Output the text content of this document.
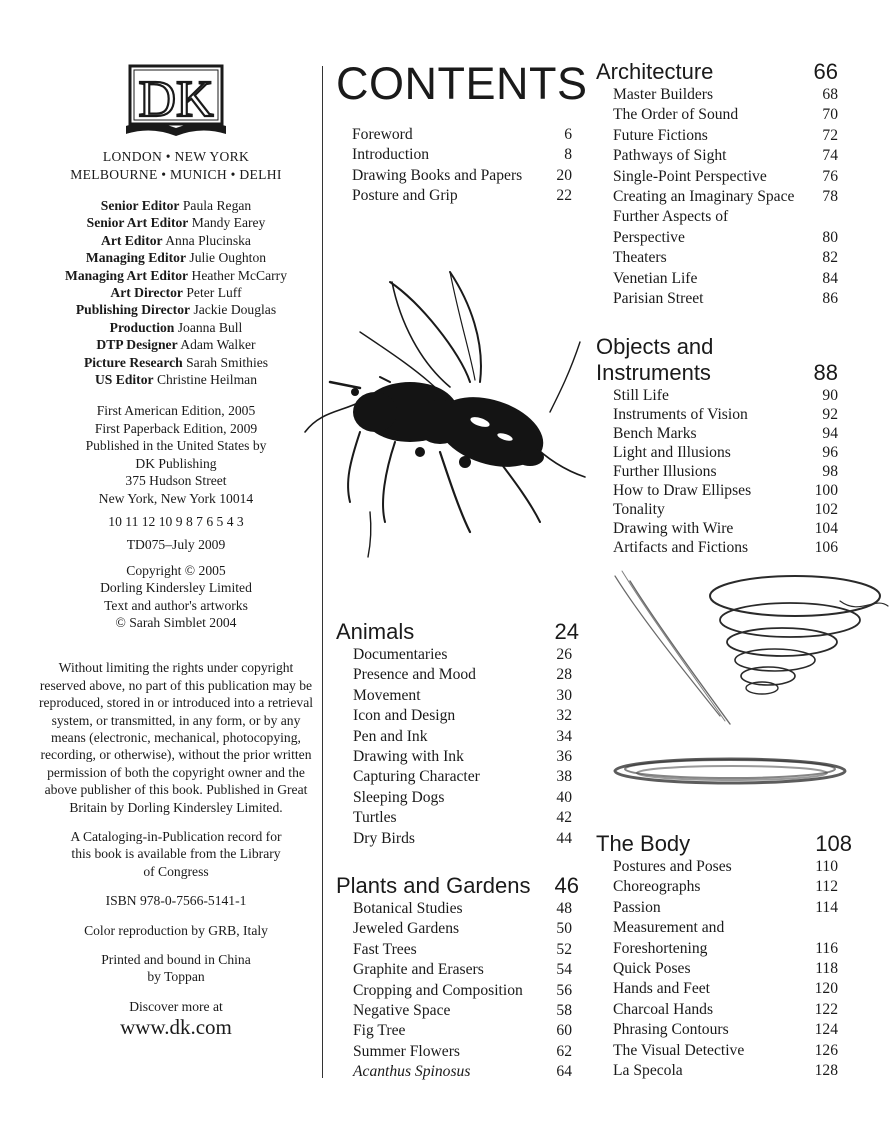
DK
LONDON • NEW YORK
MELBOURNE • MUNICH • DELHI
Senior Editor Paula Regan
Senior Art Editor Mandy Earey
Art Editor Anna Plucinska
Managing Editor Julie Oughton
Managing Art Editor Heather McCarry
Art Director Peter Luff
Publishing Director Jackie Douglas
Production Joanna Bull
DTP Designer Adam Walker
Picture Research Sarah Smithies
US Editor Christine Heilman
First American Edition, 2005
First Paperback Edition, 2009
Published in the United States by
DK Publishing
375 Hudson Street
New York, New York 10014
10 11 12 10 9 8 7 6 5 4 3
TD075–July 2009
Copyright © 2005
Dorling Kindersley Limited
Text and author's artworks
© Sarah Simblet 2004
Without limiting the rights under copyright reserved above, no part of this publication may be reproduced, stored in or introduced into a retrieval system, or transmitted, in any form, or by any means (electronic, mechanical, photocopying, recording, or otherwise), without the prior written permission of both the copyright owner and the above publisher of this book. Published in Great Britain by Dorling Kindersley Limited.
A Cataloging-in-Publication record for this book is available from the Library of Congress
ISBN 978-0-7566-5141-1
Color reproduction by GRB, Italy
Printed and bound in China
by Toppan
Discover more at
www.dk.com
CONTENTS
Foreword	6
Introduction	8
Drawing Books and Papers 20
Posture and Grip	22
Animals	24
Documentaries	26
Presence and Mood	28
Movement	30
Icon and Design	32
Pen and Ink	34
Drawing with Ink	36
Capturing Character	38
Sleeping Dogs	40
Turtles	42
Dry Birds	44
Plants and Gardens 46
Botanical Studies	48
Jeweled Gardens	50
Fast Trees	52
Graphite and Erasers	54
Cropping and Composition 56
Negative Space	58
Fig Tree	60
Summer Flowers	62
Acanthus Spinosus	64
Architecture	66
Master Builders	68
The Order of Sound	70
Future Fictions	72
Pathways of Sight	74
Single-Point Perspective	76
Creating an Imaginary Space 78
Further Aspects of
Perspective	80
Theaters	82
Venetian Life	84
Parisian Street	86
Objects and
Instruments	88
Still Life	90
Instruments of Vision	92
Bench Marks	94
Light and Illusions	96
Further Illusions	98
How to Draw Ellipses	100
Tonality	102
Drawing with Wire	104
Artifacts and Fictions	106
The Body	108
Postures and Poses	110
Choreographs	112
Passion	114
Measurement and
Foreshortening	116
Quick Poses	118
Hands and Feet	120
Charcoal Hands	122
Phrasing Contours	124
The Visual Detective	126
La Specola	128
